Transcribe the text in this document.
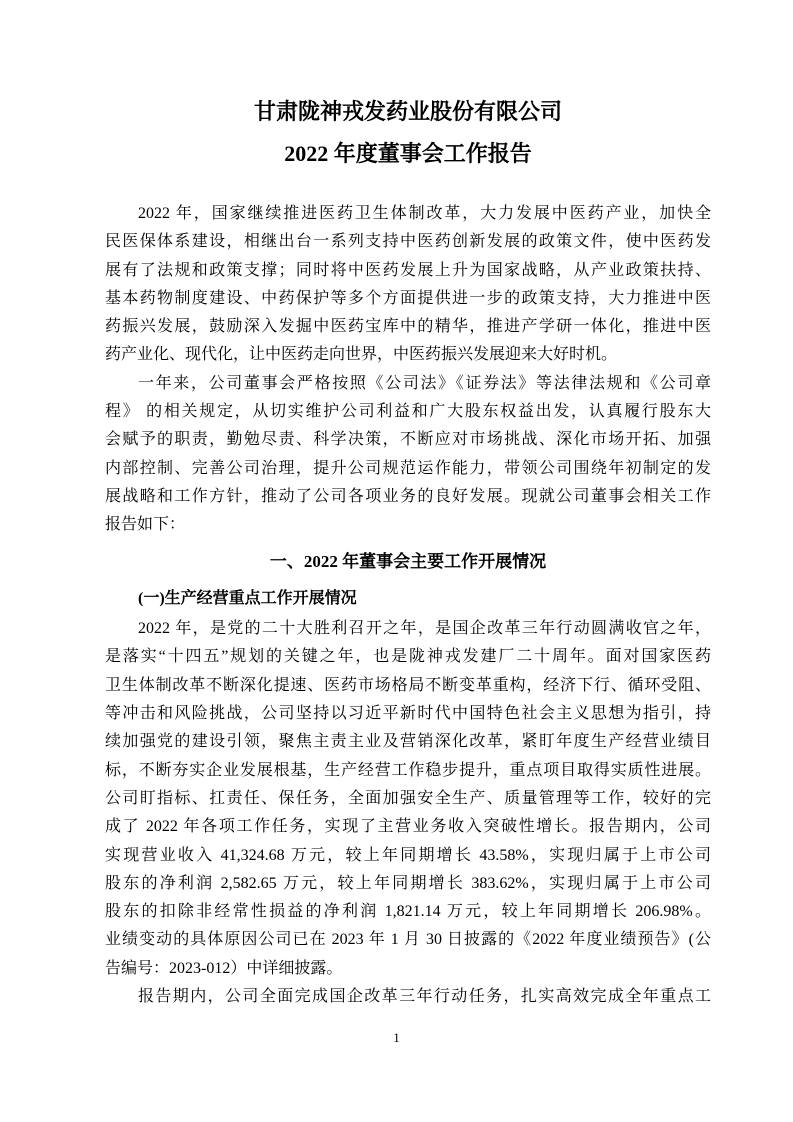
甘肃陇神戎发药业股份有限公司
2022 年度董事会工作报告
2022 年，国家继续推进医药卫生体制改革，大力发展中医药产业，加快全
民医保体系建设，相继出台一系列支持中医药创新发展的政策文件，使中医药发
展有了法规和政策支撑；同时将中医药发展上升为国家战略，从产业政策扶持、
基本药物制度建设、中药保护等多个方面提供进一步的政策支持，大力推进中医
药振兴发展，鼓励深入发掘中医药宝库中的精华，推进产学研一体化，推进中医
药产业化、现代化，让中医药走向世界，中医药振兴发展迎来大好时机。
一年来，公司董事会严格按照《公司法》《证券法》等法律法规和《公司章
程》 的相关规定，从切实维护公司利益和广大股东权益出发，认真履行股东大
会赋予的职责，勤勉尽责、科学决策，不断应对市场挑战、深化市场开拓、加强
内部控制、完善公司治理，提升公司规范运作能力，带领公司围绕年初制定的发
展战略和工作方针，推动了公司各项业务的良好发展。现就公司董事会相关工作
报告如下：
一、2022 年董事会主要工作开展情况
(一)生产经营重点工作开展情况
2022 年，是党的二十大胜利召开之年，是国企改革三年行动圆满收官之年，
是落实“十四五”规划的关键之年，也是陇神戎发建厂二十周年。面对国家医药
卫生体制改革不断深化提速、医药市场格局不断变革重构，经济下行、循环受阻、
等冲击和风险挑战，公司坚持以习近平新时代中国特色社会主义思想为指引，持
续加强党的建设引领，聚焦主责主业及营销深化改革，紧盯年度生产经营业绩目
标，不断夯实企业发展根基，生产经营工作稳步提升，重点项目取得实质性进展。
公司盯指标、扛责任、保任务，全面加强安全生产、质量管理等工作，较好的完
成了 2022 年各项工作任务，实现了主营业务收入突破性增长。报告期内，公司
实现营业收入 41,324.68 万元，较上年同期增长 43.58%，实现归属于上市公司
股东的净利润 2,582.65 万元，较上年同期增长 383.62%，实现归属于上市公司
股东的扣除非经常性损益的净利润 1,821.14 万元，较上年同期增长 206.98%。
业绩变动的具体原因公司已在 2023 年 1 月 30 日披露的《2022 年度业绩预告》(公
告编号：2023-012）中详细披露。
报告期内，公司全面完成国企改革三年行动任务，扎实高效完成全年重点工
1
